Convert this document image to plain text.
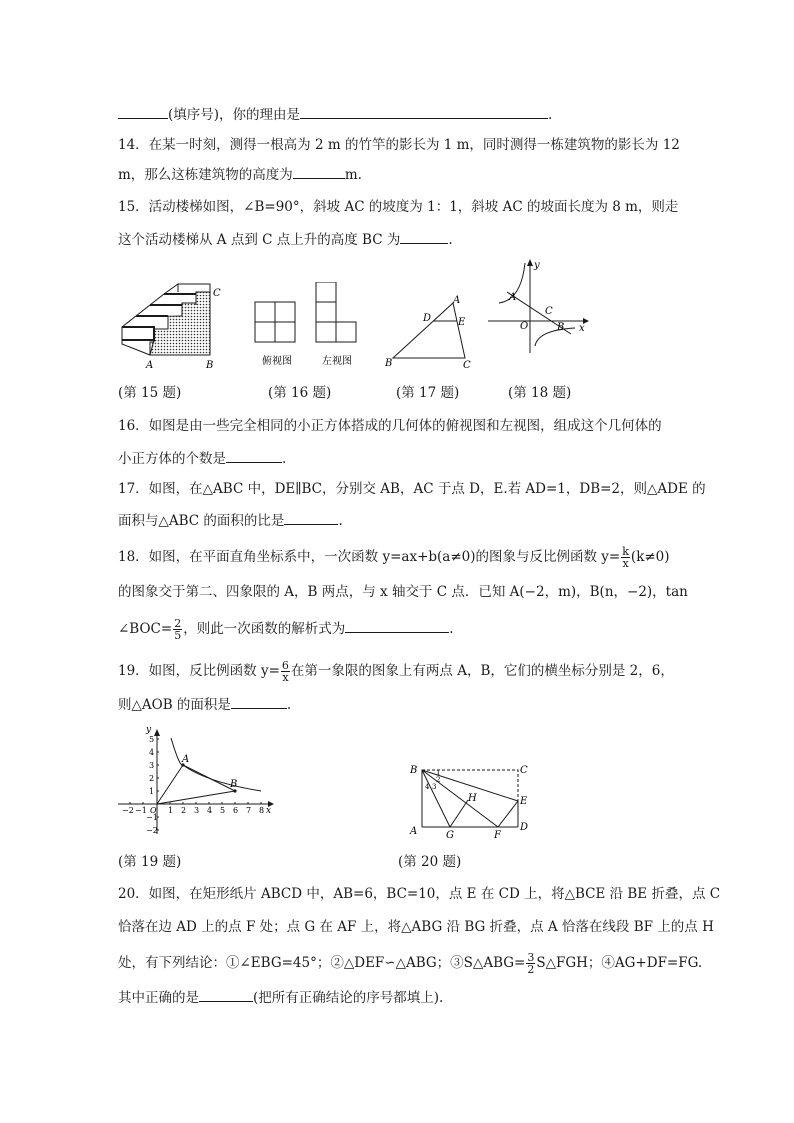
(填序号)，你的理由是	.
14．在某一时刻，测得一根高为 2 m 的竹竿的影长为 1 m，同时测得一栋建筑物的影长为 12
m，那么这栋建筑物的高度为	m.
15．活动楼梯如图，∠B=90°，斜坡 AC 的坡度为 1：1，斜坡 AC 的坡面长度为 8 m，则走
这个活动楼梯从 A 点到 C 点上升的高度 BC 为	.
A	B
C
俯视图	左视图
A
B	C
D	E
A
B
C
O	x
y
(第 15 题)	(第 16 题)	(第 17 题)	(第 18 题)
16．如图是由一些完全相同的小正方体搭成的几何体的俯视图和左视图，组成这个几何体的
小正方体的个数是	.
17．如图，在△ABC 中，DE∥BC，分别交 AB，AC 于点 D，E.若 AD=1，DB=2，则△ADE 的
面积与△ABC 的面积的比是	.
18．如图，在平面直角坐标系中，一次函数 y=ax+b(a≠0)的图象与反比例函数 $y= \frac{k}{x} (k\ne 0)$
的图象交于第二、四象限的 A，B 两点，与 x 轴交于 C 点．已知 A(−2，m)，B(n，−2)，tan
∠BOC= $\frac{2}{5}$ ，则此一次函数的解析式为	.
19．如图，反比例函数 $y= \frac{6}{x}$ 在第一象限的图象上有两点 A，B，它们的横坐标分别是 2，6，
则△AOB 的面积是	.
5
4
3
2
1
−1
−2
−2 −1 O 1 2 3 4 5 6 7 8 x
y
A
B
1
2
3
4
B	C
A	D
E
F
G
H
(第 19 题)	(第 20 题)
20．如图，在矩形纸片 ABCD 中，AB=6，BC=10，点 E 在 CD 上，将△BCE 沿 BE 折叠，点 C
恰落在边 AD 上的点 F 处；点 G 在 AF 上，将△ABG 沿 BG 折叠，点 A 恰落在线段 BF 上的点 H
处，有下列结论：①∠EBG=45°；②△DEF∽△ABG；③S△ABG= $\frac{3}{2}$ S△FGH；④AG+DF=FG.
其中正确的是	(把所有正确结论的序号都填上).
